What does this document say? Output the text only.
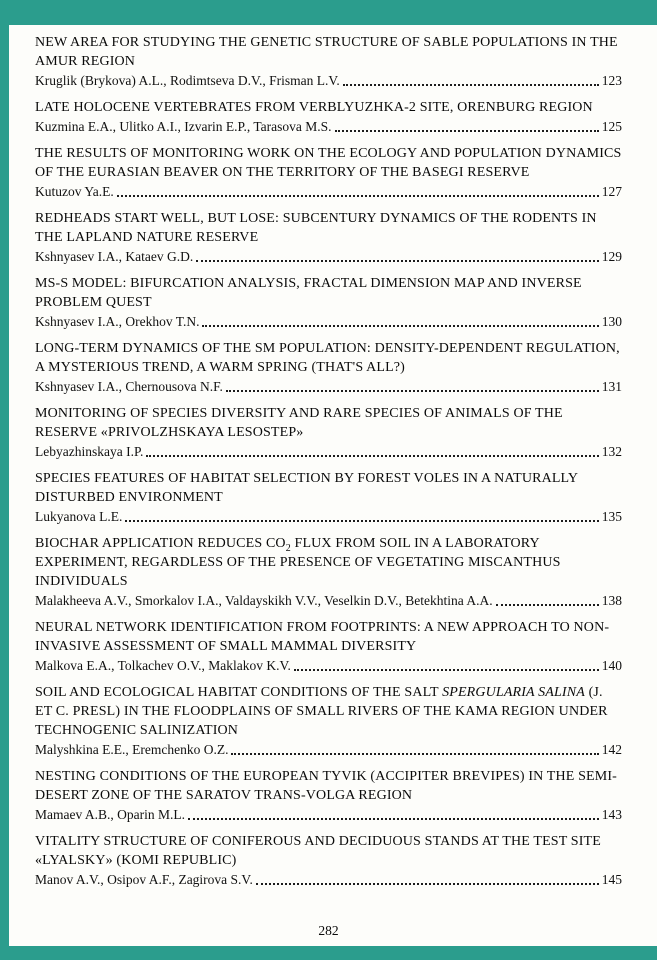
NEW AREA FOR STUDYING THE GENETIC STRUCTURE OF SABLE POPULATIONS IN THE AMUR REGION
Kruglik (Brykova) A.L., Rodimtseva D.V., Frisman L.V.	123
LATE HOLOCENE VERTEBRATES FROM VERBLYUZHKA-2 SITE, ORENBURG REGION
Kuzmina E.A., Ulitko A.I., Izvarin E.P., Tarasova M.S.	125
THE RESULTS OF MONITORING WORK ON THE ECOLOGY AND POPULATION DYNAMICS OF THE EURASIAN BEAVER ON THE TERRITORY OF THE BASEGI RESERVE
Kutuzov Ya.E.	127
REDHEADS START WELL, BUT LOSE: SUBCENTURY DYNAMICS OF THE RODENTS IN THE LAPLAND NATURE RESERVE
Kshnyasev I.A., Kataev G.D.	129
MS-S MODEL: BIFURCATION ANALYSIS, FRACTAL DIMENSION MAP AND INVERSE PROBLEM QUEST
Kshnyasev I.A., Orekhov T.N.	130
LONG-TERM DYNAMICS OF THE SM POPULATION: DENSITY-DEPENDENT REGULATION, A MYSTERIOUS TREND, A WARM SPRING (THAT'S ALL?)
Kshnyasev I.A., Chernousova N.F.	131
MONITORING OF SPECIES DIVERSITY AND RARE SPECIES OF ANIMALS OF THE RESERVE «PRIVOLZHSKAYA LESOSTEP»
Lebyazhinskaya I.P.	132
SPECIES FEATURES OF HABITAT SELECTION BY FOREST VOLES IN A NATURALLY DISTURBED ENVIRONMENT
Lukyanova L.E.	135
BIOCHAR APPLICATION REDUCES $CO_2$ FLUX FROM SOIL IN A LABORATORY EXPERIMENT, REGARDLESS OF THE PRESENCE OF VEGETATING MISCANTHUS INDIVIDUALS
Malakheeva A.V., Smorkalov I.A., Valdayskikh V.V., Veselkin D.V., Betekhtina A.A.	138
NEURAL NETWORK IDENTIFICATION FROM FOOTPRINTS: A NEW APPROACH TO NON-INVASIVE ASSESSMENT OF SMALL MAMMAL DIVERSITY
Malkova E.A., Tolkachev O.V., Maklakov K.V.	140
SOIL AND ECOLOGICAL HABITAT CONDITIONS OF THE SALT SPERGULARIA SALINA (J. ET C. PRESL) IN THE FLOODPLAINS OF SMALL RIVERS OF THE KAMA REGION UNDER TECHNOGENIC SALINIZATION
Malyshkina E.E., Eremchenko O.Z.	142
NESTING CONDITIONS OF THE EUROPEAN TYVIK (ACCIPITER BREVIPES) IN THE SEMI-DESERT ZONE OF THE SARATOV TRANS-VOLGA REGION
Mamaev A.B., Oparin M.L.	143
VITALITY STRUCTURE OF CONIFEROUS AND DECIDUOUS STANDS AT THE TEST SITE «LYALSKY» (KOMI REPUBLIC)
Manov A.V., Osipov A.F., Zagirova S.V.	145
282
